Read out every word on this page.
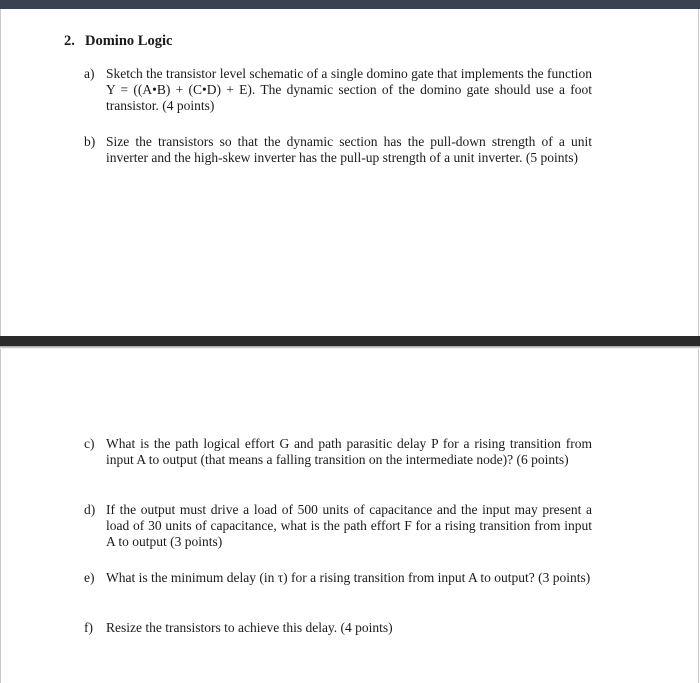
2. Domino Logic
a) Sketch the transistor level schematic of a single domino gate that implements the function Y = ((A•B) + (C•D) + E). The dynamic section of the domino gate should use a foot transistor. (4 points)
b) Size the transistors so that the dynamic section has the pull-down strength of a unit inverter and the high-skew inverter has the pull-up strength of a unit inverter. (5 points)
c) What is the path logical effort G and path parasitic delay P for a rising transition from input A to output (that means a falling transition on the intermediate node)? (6 points)
d) If the output must drive a load of 500 units of capacitance and the input may present a load of 30 units of capacitance, what is the path effort F for a rising transition from input A to output (3 points)
e) What is the minimum delay (in τ) for a rising transition from input A to output? (3 points)
f) Resize the transistors to achieve this delay. (4 points)
